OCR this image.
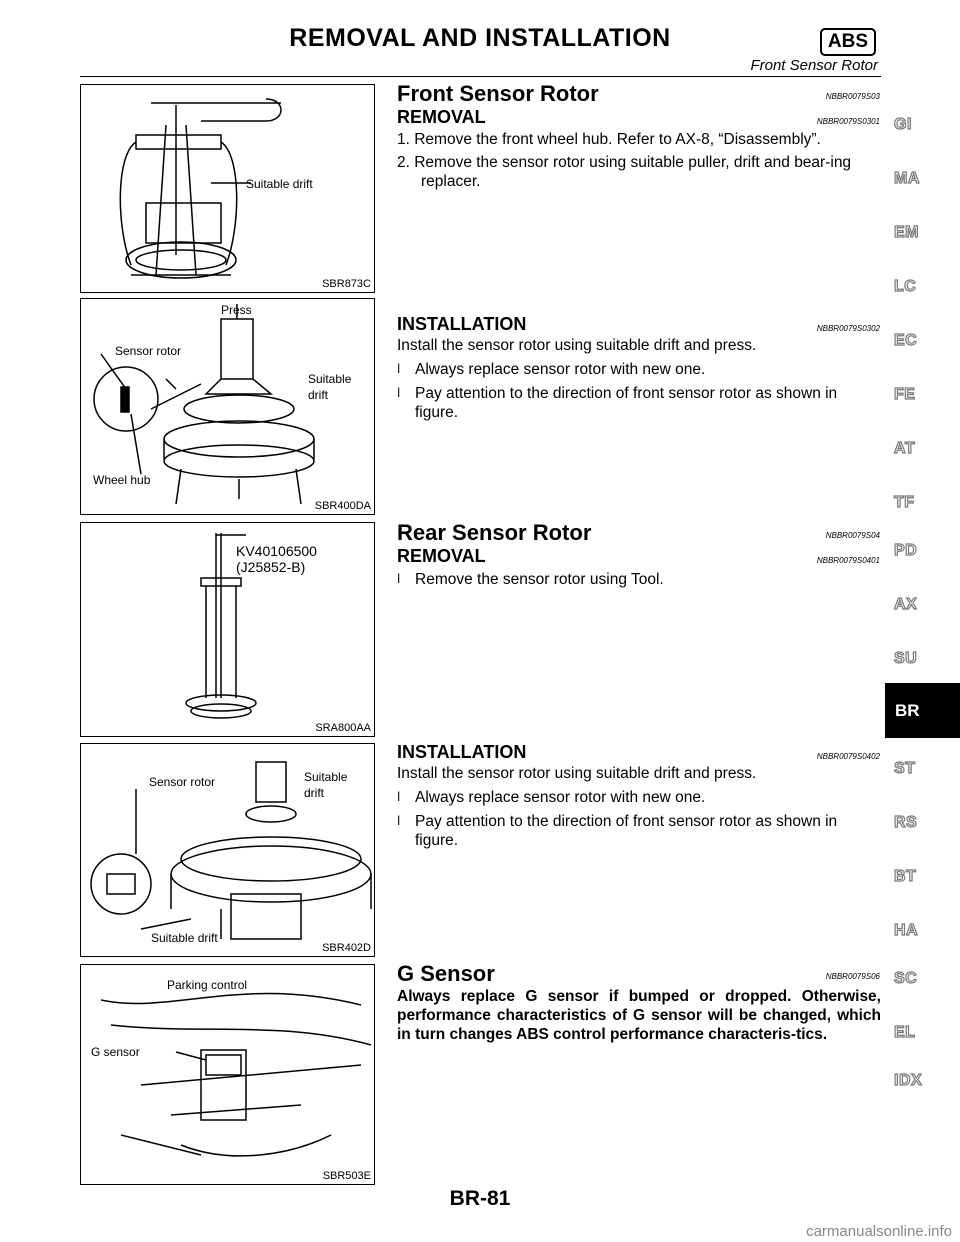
REMOVAL AND INSTALLATION	ABS
Front Sensor Rotor
Suitable drift
SBR873C
Press
Sensor rotor
Suitable
drift
Wheel hub
SBR400DA
KV40106500
(J25852-B)
SRA800AA
Sensor rotor	Suitable
drift
Suitable drift
SBR402D
Parking control
G sensor
SBR503E
Front Sensor Rotor	NBBR0079S03
REMOVAL	NBBR0079S0301
1. Remove the front wheel hub. Refer to AX-8, “Disassembly”.
2. Remove the sensor rotor using suitable puller, drift and bear-ing replacer.
INSTALLATION	NBBR0079S0302
Install the sensor rotor using suitable drift and press.
l Always replace sensor rotor with new one.
l Pay attention to the direction of front sensor rotor as shown in figure.
Rear Sensor Rotor	NBBR0079S04
REMOVAL	NBBR0079S0401
l Remove the sensor rotor using Tool.
INSTALLATION	NBBR0079S0402
Install the sensor rotor using suitable drift and press.
l Always replace sensor rotor with new one.
l Pay attention to the direction of front sensor rotor as shown in figure.
G Sensor	NBBR0079S06
Always replace G sensor if bumped or dropped. Otherwise, performance characteristics of G sensor will be changed, which in turn changes ABS control performance characteris-tics.
GI
MA
EM
LC
EC
FE
AT
TF
PD
AX
SU
BR
ST
RS
BT
HA
SC
EL
IDX
BR-81
carmanualsonline.info
